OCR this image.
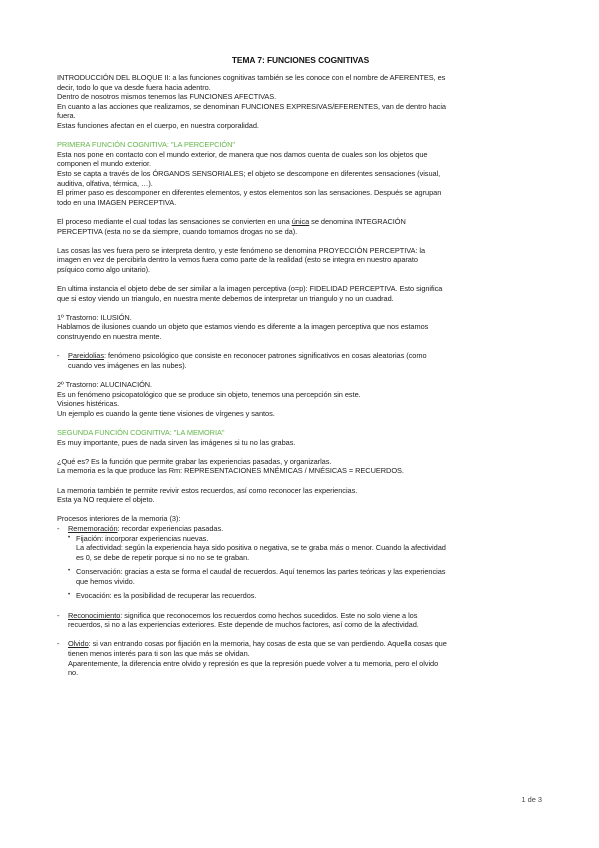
TEMA 7: FUNCIONES COGNITIVAS

INTRODUCCIÓN DEL BLOQUE II: a las funciones cognitivas también se les conoce con el nombre de AFERENTES, es

decir, todo lo que va desde fuera hacia adentro.

Dentro de nosotros mismos tenemos las FUNCIONES AFECTIVAS.

En cuanto a las acciones que realizamos, se denominan FUNCIONES EXPRESIVAS/EFERENTES, van de dentro hacia

fuera.

Estas funciones afectan en el cuerpo, en nuestra corporalidad.

PRIMERA FUNCIÓN COGNITIVA: "LA PERCEPCIÓN"

Esta nos pone en contacto con el mundo exterior, de manera que nos damos cuenta de cuales son los objetos que

componen el mundo exterior.

Esto se capta a través de los ÓRGANOS SENSORIALES; el objeto se descompone en diferentes sensaciones (visual,

auditiva, olfativa, térmica, …).

El primer paso es descomponer en diferentes elementos, y estos elementos son las sensaciones. Después se agrupan

todo en una IMAGEN PERCEPTIVA.

El proceso mediante el cual todas las sensaciones se convierten en una única se denomina INTEGRACIÓN

PERCEPTIVA (esta no se da siempre, cuando tomamos drogas no se da).

Las cosas las ves fuera pero se interpreta dentro, y este fenómeno se denomina PROYECCIÓN PERCEPTIVA: la

imagen en vez de percibirla dentro la vemos fuera como parte de la realidad (esto se integra en nuestro aparato

psíquico como algo unitario).

En ultima instancia el objeto debe de ser similar a la imagen perceptiva (o=p): FIDELIDAD PERCEPTIVA. Esto significa

que si estoy viendo un triangulo, en nuestra mente debemos de interpretar un triangulo y no un cuadrad.

1º Trastorno: ILUSIÓN.

Hablamos de ilusiones cuando un objeto que estamos viendo es diferente a la imagen perceptiva que nos estamos

construyendo en nuestra mente.

- Pareidolias: fenómeno psicológico que consiste en reconocer patrones significativos en cosas aleatorias (como

cuando ves imágenes en las nubes).

2º Trastorno: ALUCINACIÓN.

Es un fenómeno psicopatológico que se produce sin objeto, tenemos una percepción sin este.

Visiones histéricas.

Un ejemplo es cuando la gente tiene visiones de vírgenes y santos.

SEGUNDA FUNCIÓN COGNITIVA: "LA MEMORIA"

Es muy importante, pues de nada sirven las imágenes si tu no las grabas.

¿Qué es? Es la función que permite grabar las experiencias pasadas, y organizarlas.

La memoria es la que produce las Rm: REPRESENTACIONES MNÉMICAS / MNÉSICAS = RECUERDOS.

La memoria también te permite revivir estos recuerdos, así como reconocer las experiencias.

Esta ya NO requiere el objeto.

Procesos interiores de la memoria (3):

- Rememoración: recordar experiencias pasadas.

• Fijación: incorporar experiencias nuevas.

La afectividad: según la experiencia haya sido positiva o negativa, se te graba más o menor. Cuando la afectividad

es 0, se debe de repetir porque si no no se te graban.

• Conservación: gracias a esta se forma el caudal de recuerdos. Aquí tenemos las partes teóricas y las experiencias

que hemos vivido.

• Evocación: es la posibilidad de recuperar las recuerdos.

- Reconocimiento: significa que reconocemos los recuerdos como hechos sucedidos. Este no solo viene a los

recuerdos, si no a las experiencias exteriores. Este depende de muchos factores, así como de la afectividad.

- Olvido: si van entrando cosas por fijación en la memoria, hay cosas de esta que se van perdiendo. Aquella cosas que

tienen menos interés para ti son las que más se olvidan.

Aparentemente, la diferencia entre olvido y represión es que la represión puede volver a tu memoria, pero el olvido

no.

1 de 3
